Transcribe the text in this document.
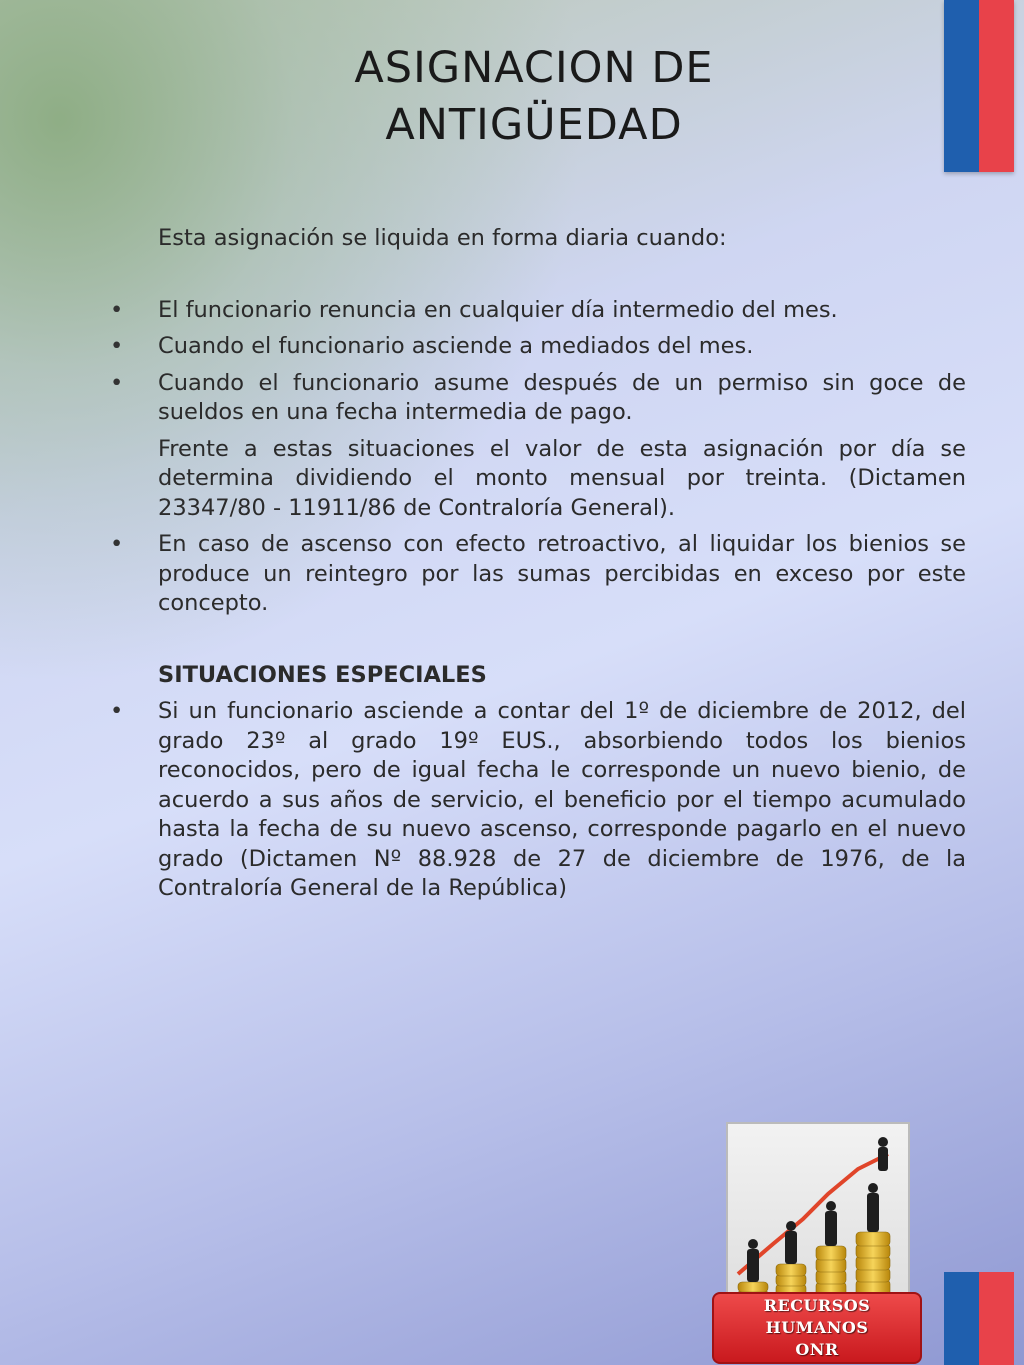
ASIGNACION DE
ANTIGÜEDAD

Esta asignación se liquida en forma diaria cuando:

• El funcionario renuncia en cualquier día intermedio del mes.

• Cuando el funcionario asciende a mediados del mes.

• Cuando el funcionario asume después de un permiso sin goce de sueldos en una fecha intermedia de pago.

Frente a estas situaciones el valor de esta asignación por día se determina dividiendo el monto mensual por treinta. (Dictamen 23347/80 - 11911/86 de Contraloría General).

• En caso de ascenso con efecto retroactivo, al liquidar los bienios se produce un reintegro por las sumas percibidas en exceso por este concepto.

SITUACIONES ESPECIALES

• Si un funcionario asciende a contar del 1º de diciembre de 2012, del grado 23º al grado 19º EUS., absorbiendo todos los bienios reconocidos, pero de igual fecha le corresponde un nuevo bienio, de acuerdo a sus años de servicio, el beneficio por el tiempo acumulado hasta la fecha de su nuevo ascenso, corresponde pagarlo en el nuevo grado (Dictamen Nº 88.928 de 27 de diciembre de 1976, de la Contraloría General de la República)

RECURSOS
HUMANOS
ONR
